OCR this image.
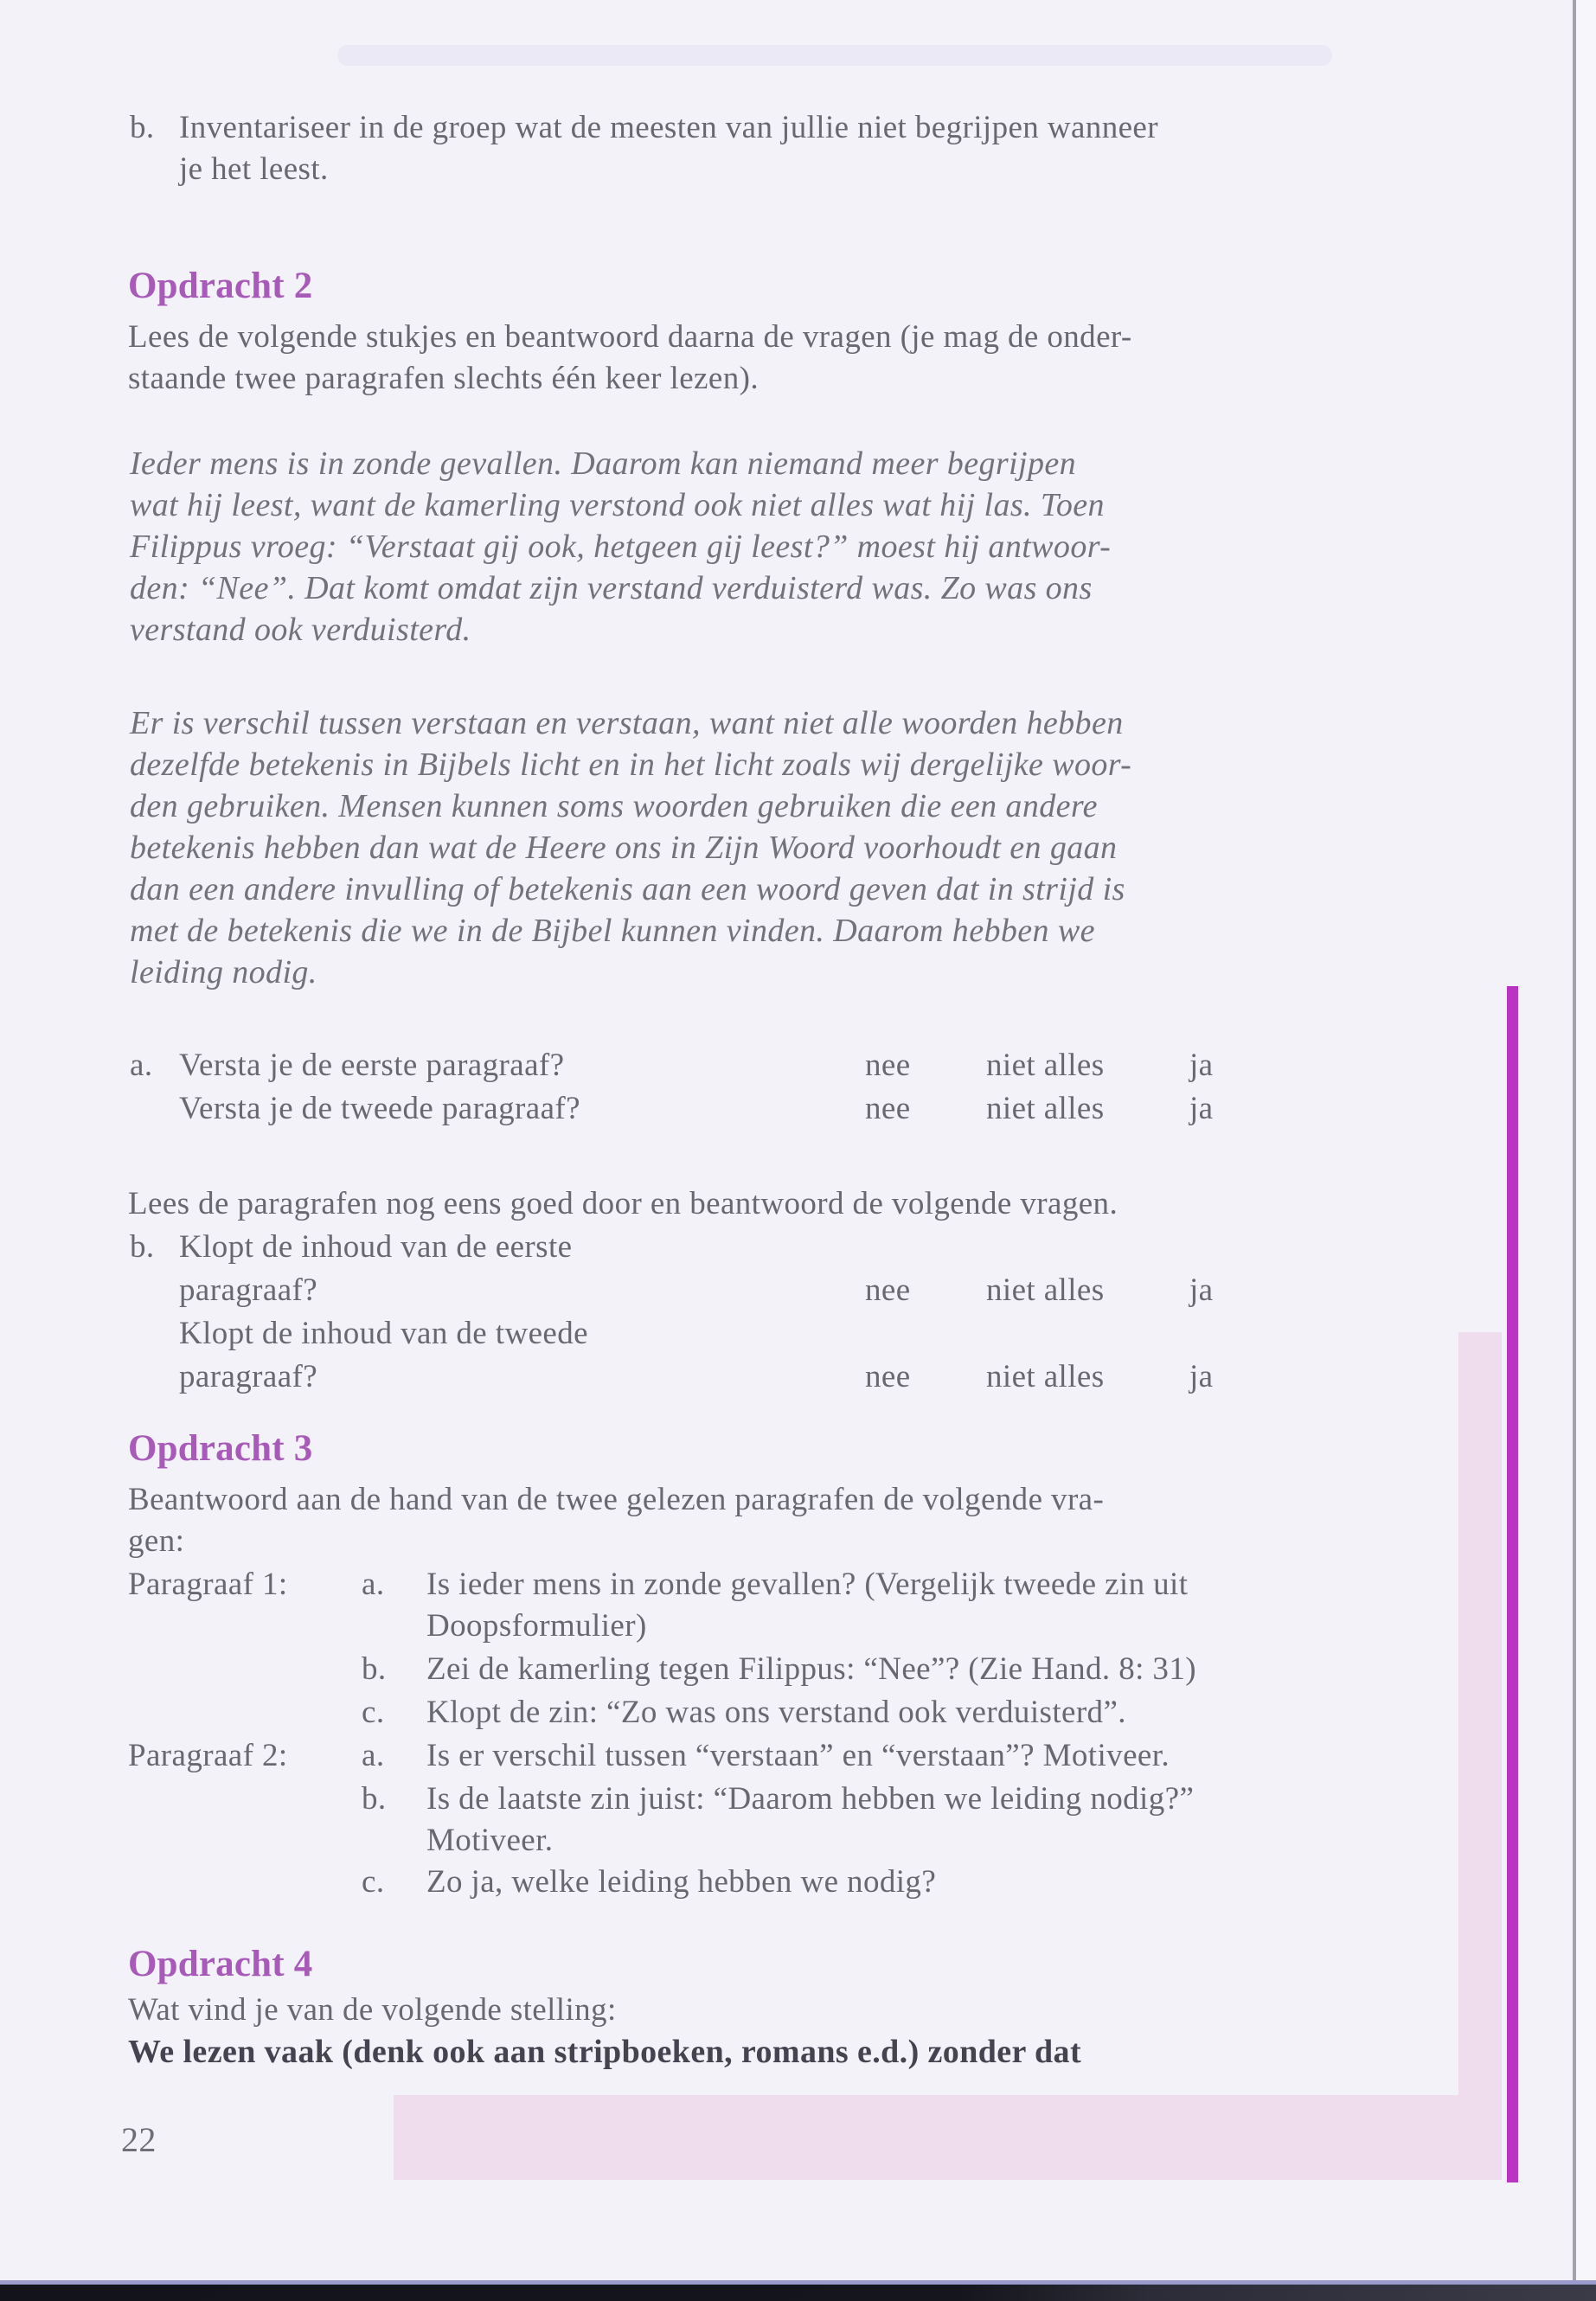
b. Inventariseer in de groep wat de meesten van jullie niet begrijpen wanneer
je het leest.
Opdracht 2
Lees de volgende stukjes en beantwoord daarna de vragen (je mag de onder-
staande twee paragrafen slechts één keer lezen).
Ieder mens is in zonde gevallen. Daarom kan niemand meer begrijpen
wat hij leest, want de kamerling verstond ook niet alles wat hij las. Toen
Filippus vroeg: “Verstaat gij ook, hetgeen gij leest?” moest hij antwoor-
den: “Nee”. Dat komt omdat zijn verstand verduisterd was. Zo was ons
verstand ook verduisterd.
Er is verschil tussen verstaan en verstaan, want niet alle woorden hebben
dezelfde betekenis in Bijbels licht en in het licht zoals wij dergelijke woor-
den gebruiken. Mensen kunnen soms woorden gebruiken die een andere
betekenis hebben dan wat de Heere ons in Zijn Woord voorhoudt en gaan
dan een andere invulling of betekenis aan een woord geven dat in strijd is
met de betekenis die we in de Bijbel kunnen vinden. Daarom hebben we
leiding nodig.
a. Versta je de eerste paragraaf?	nee niet alles	ja
Versta je de tweede paragraaf?	nee niet alles	ja
Lees de paragrafen nog eens goed door en beantwoord de volgende vragen.
b. Klopt de inhoud van de eerste
paragraaf?	nee niet alles	ja
Klopt de inhoud van de tweede
paragraaf?	nee niet alles	ja
Opdracht 3
Beantwoord aan de hand van de twee gelezen paragrafen de volgende vra-
gen:
Paragraaf 1: a. Is ieder mens in zonde gevallen? (Vergelijk tweede zin uit
Doopsformulier)
b. Zei de kamerling tegen Filippus: “Nee”? (Zie Hand. 8: 31)
c. Klopt de zin: “Zo was ons verstand ook verduisterd”.
Paragraaf 2: a. Is er verschil tussen “verstaan” en “verstaan”? Motiveer.
b. Is de laatste zin juist: “Daarom hebben we leiding nodig?”
Motiveer.
c. Zo ja, welke leiding hebben we nodig?
Opdracht 4
Wat vind je van de volgende stelling:
We lezen vaak (denk ook aan stripboeken, romans e.d.) zonder dat
22
